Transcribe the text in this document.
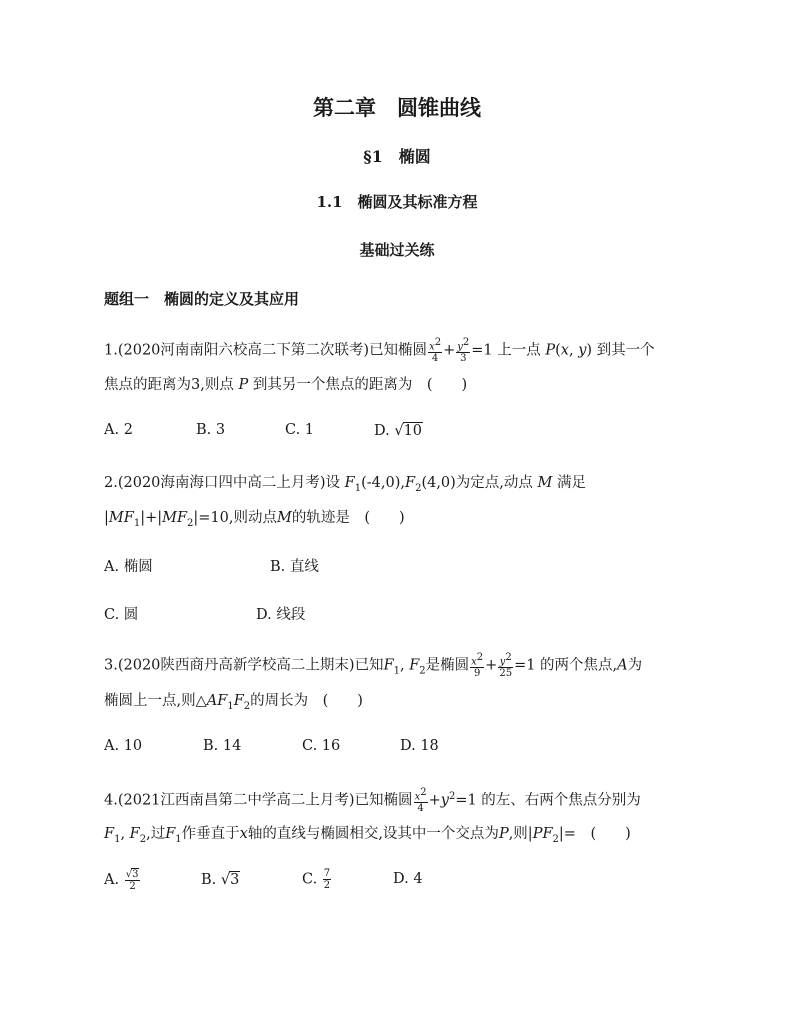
第二章　圆锥曲线
§1　椭圆
1.1　椭圆及其标准方程
基础过关练
题组一　椭圆的定义及其应用
1.(2020河南南阳六校高二下第二次联考)已知椭圆 $\frac{x^2}{4} + \frac{y^2}{3} =1$ 上一点 P(x, y) 到其一个
焦点的距离为3,则点 P 到其另一个焦点的距离为　(　　)
A. 2	B. 3	C. 1	D. √10
2.(2020海南海口四中高二上月考)设 $F_1(-4,0),F_2(4,0)$为定点,动点 M 满足
$|MF_1|+|MF_2|=10$,则动点M的轨迹是　(　　)
A. 椭圆	B. 直线
C. 圆	D. 线段
3.(2020陕西商丹高新学校高二上期末)已知$F_1$, $F_2$是椭圆 $\frac{x^2}{9} + \frac{y^2}{25} =1$ 的两个焦点,A为
椭圆上一点,则$\triangle AF_1F_2$的周长为　(　　)
A. 10	B. 14	C. 16	D. 18
4.(2021江西南昌第二中学高二上月考)已知椭圆 $\frac{x^2}{4} +y^2=1$ 的左、右两个焦点分别为
$F_1$, $F_2$,过$F_1$作垂直于x轴的直线与椭圆相交,设其中一个交点为P,则$|PF_2|=$　(　　)
A. $\frac{√3}{2}$	B. √3	C. $\frac{7}{2}$	D. 4
